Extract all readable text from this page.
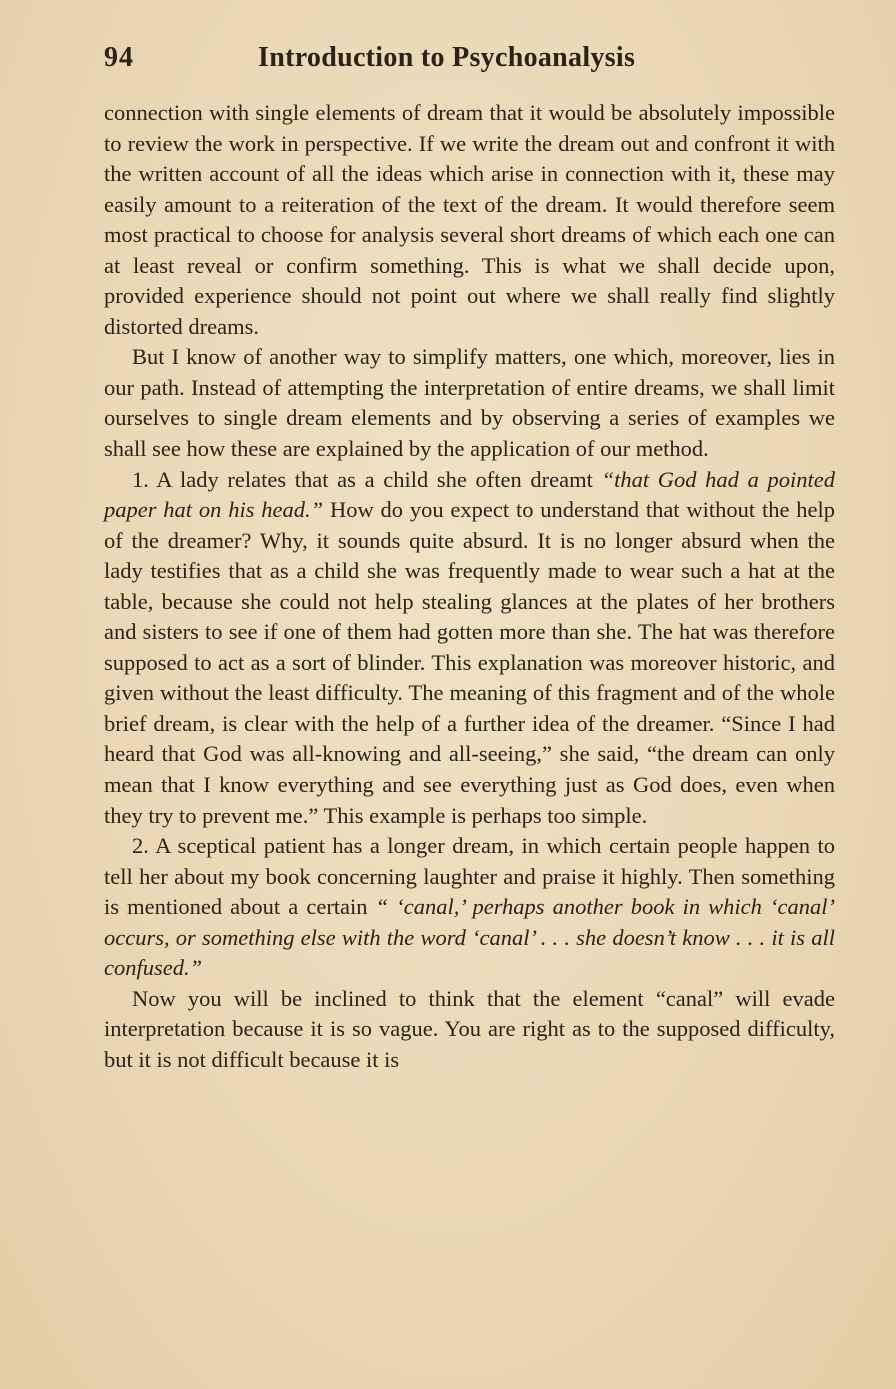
94	Introduction to Psychoanalysis

connection with single elements of dream that it would be absolutely impossible to review the work in perspective. If we write the dream out and confront it with the written account of all the ideas which arise in connection with it, these may easily amount to a reiteration of the text of the dream. It would therefore seem most practical to choose for analysis several short dreams of which each one can at least reveal or confirm something. This is what we shall decide upon, provided experience should not point out where we shall really find slightly distorted dreams.

But I know of another way to simplify matters, one which, moreover, lies in our path. Instead of attempting the interpretation of entire dreams, we shall limit ourselves to single dream elements and by observing a series of examples we shall see how these are explained by the application of our method.

1. A lady relates that as a child she often dreamt “that God had a pointed paper hat on his head.” How do you expect to understand that without the help of the dreamer? Why, it sounds quite absurd. It is no longer absurd when the lady testifies that as a child she was frequently made to wear such a hat at the table, because she could not help stealing glances at the plates of her brothers and sisters to see if one of them had gotten more than she. The hat was therefore supposed to act as a sort of blinder. This explanation was moreover historic, and given without the least difficulty. The meaning of this fragment and of the whole brief dream, is clear with the help of a further idea of the dreamer. “Since I had heard that God was all-knowing and all-seeing,” she said, “the dream can only mean that I know everything and see everything just as God does, even when they try to prevent me.” This example is perhaps too simple.

2. A sceptical patient has a longer dream, in which certain people happen to tell her about my book concerning laughter and praise it highly. Then something is mentioned about a certain “ ‘canal,’ perhaps another book in which ‘canal’ occurs, or something else with the word ‘canal’ . . . she doesn’t know . . . it is all confused.”

Now you will be inclined to think that the element “canal” will evade interpretation because it is so vague. You are right as to the supposed difficulty, but it is not difficult because it is
